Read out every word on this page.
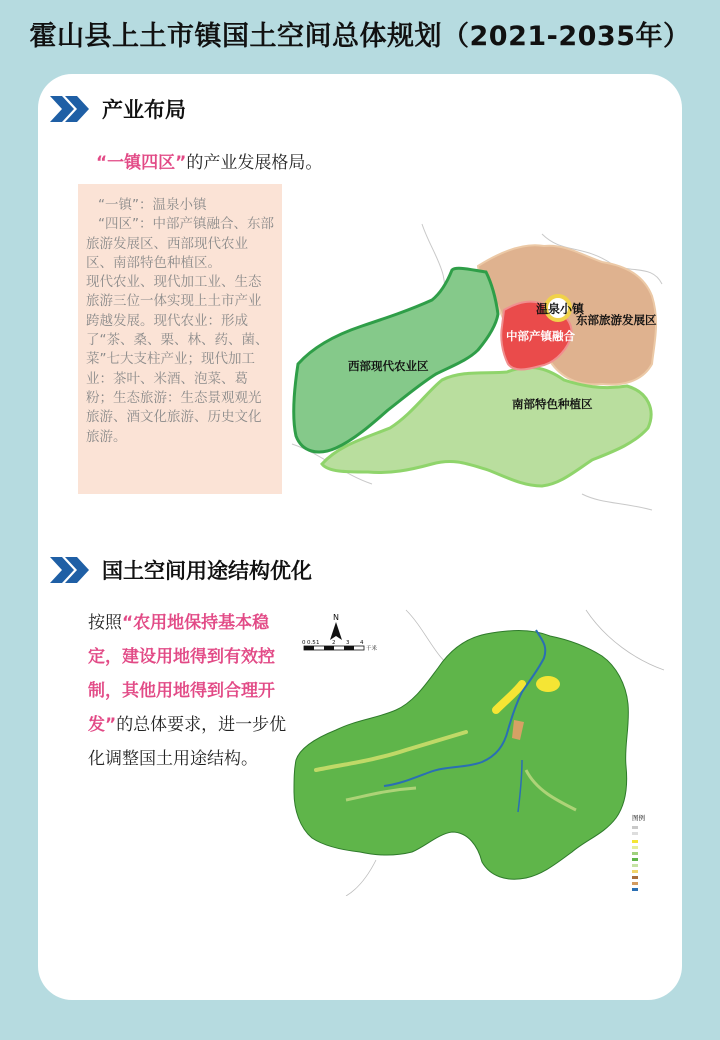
霍山县上土市镇国土空间总体规划（2021-2035年）
产业布局
“一镇四区”的产业发展格局。
“一镇”：温泉小镇
“四区”：中部产镇融合、东部旅游发展区、西部现代农业区、南部特色种植区。
现代农业、现代加工业、生态旅游三位一体实现上土市产业跨越发展。现代农业：形成了“茶、桑、栗、林、药、菌、菜”七大支柱产业；现代加工业：茶叶、米酒、泡菜、葛粉；生态旅游：生态景观观光旅游、酒文化旅游、历史文化旅游。
温泉小镇
中部产镇融合
东部旅游发展区
西部现代农业区
南部特色种植区
国土空间用途结构优化
按照“农用地保持基本稳定，建设用地得到有效控制，其他用地得到合理开发”的总体要求，进一步优化调整国土用途结构。
N
0 0.5 1 2 3 4
千米
图例
